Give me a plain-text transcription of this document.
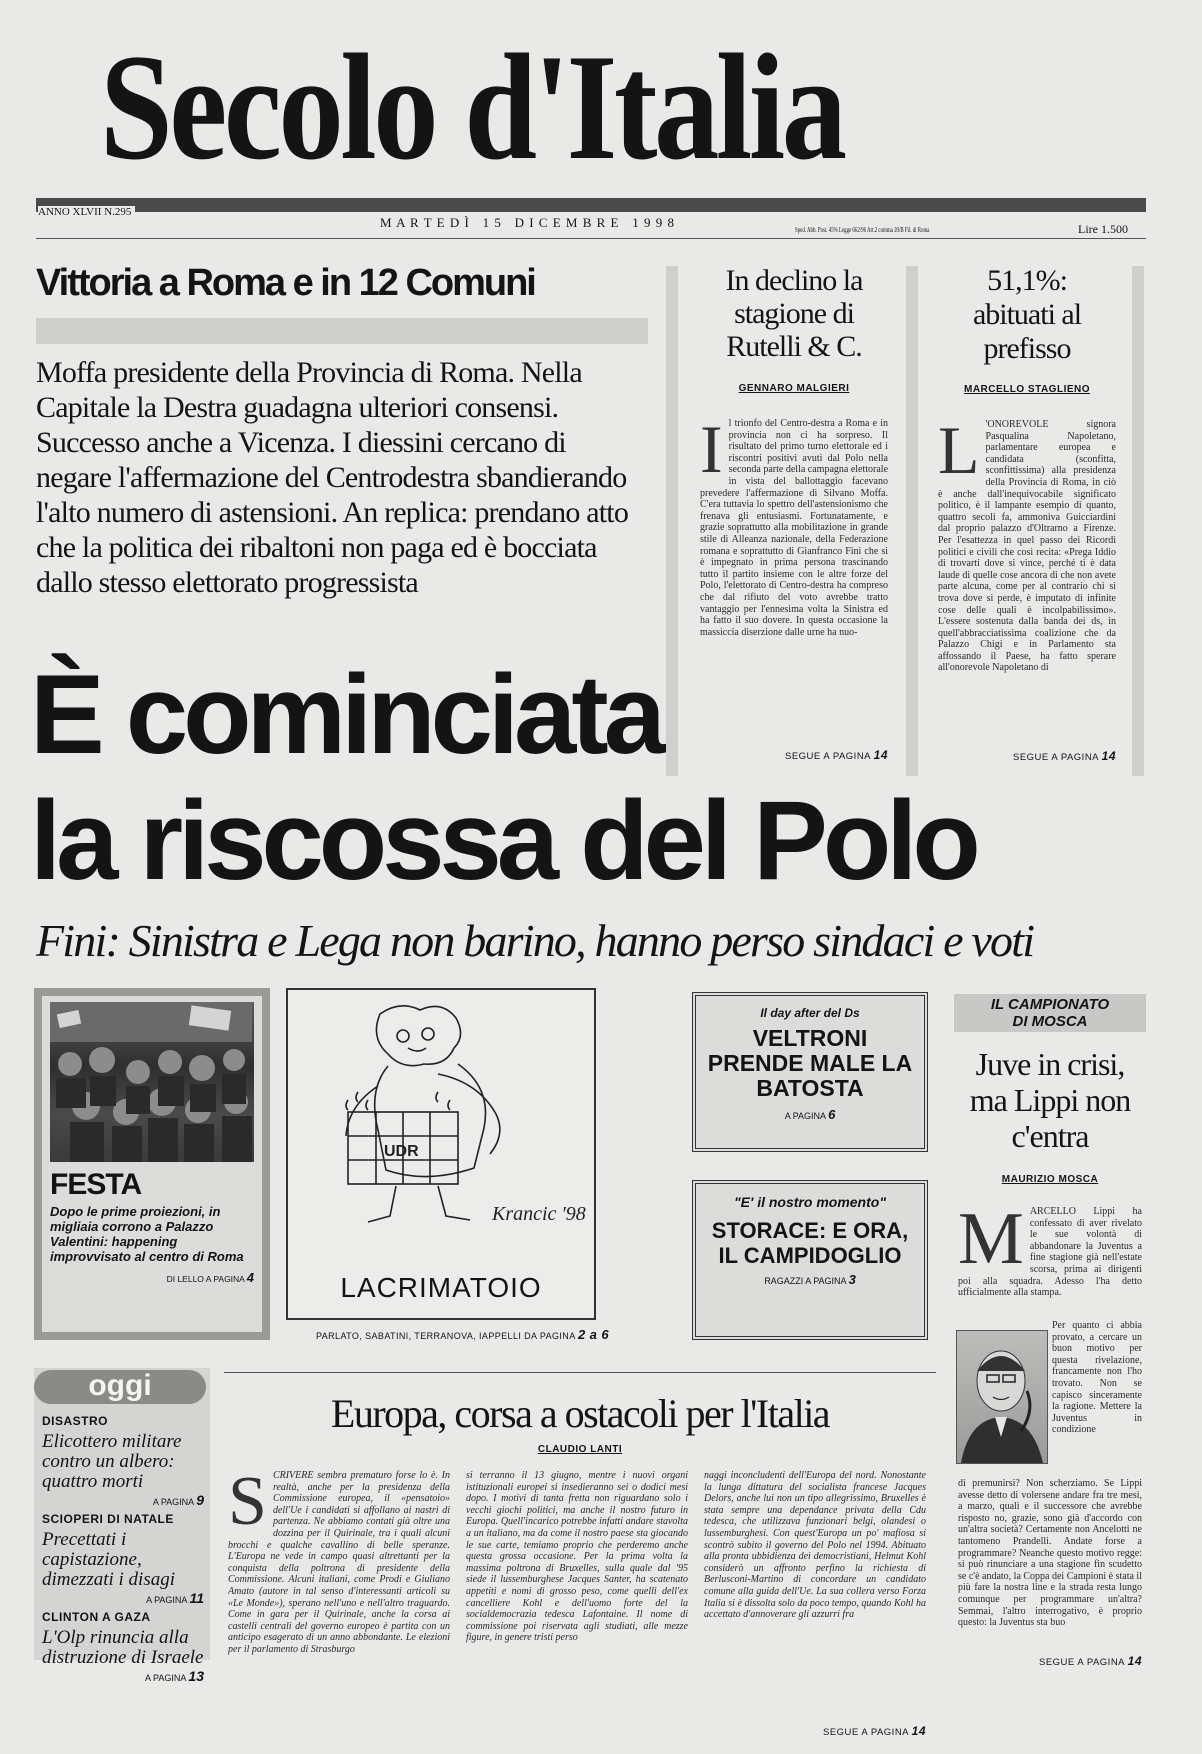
Secolo d'Italia
ANNO XLVII N.295
M A R T E D Ì   1 5   D I C E M B R E   1 9 9 8	Sped. Abb. Post. 45% Legge 662/96 Art.2 comma 20/B Fil. di Roma	Lire 1.500
Vittoria a Roma e in 12 Comuni
Moffa presidente della Provincia di Roma. Nella Capitale la Destra guadagna ulteriori consensi. Successo anche a Vicenza. I diessini cercano di negare l'affermazione del Centrodestra sbandierando l'alto numero di astensioni. An replica: prendano atto che la politica dei ribaltoni non paga ed è bocciata dallo stesso elettorato progressista
È cominciata
la riscossa del Polo
Fini: Sinistra e Lega non barino, hanno perso sindaci e voti
In declino la stagione di Rutelli & C.
GENNARO MALGIERI
I l trionfo del Centro-destra a Roma e in provincia non ci ha sorpreso. Il risultato del primo turno elettorale ed i riscontri positivi avuti dal Polo nella seconda parte della campagna elettorale in vista del ballottaggio facevano prevedere l'affermazione di Silvano Moffa. C'era tuttavia lo spettro dell'astensionismo che frenava gli entusiasmi. Fortunatamente, e grazie soprattutto alla mobilitazione in grande stile di Alleanza nazionale, della Federazione romana e soprattutto di Gianfranco Fini che si è impegnato in prima persona trascinando tutto il partito insieme con le altre forze del Polo, l'elettorato di Centro-destra ha compreso che dal rifiuto del voto avrebbe tratto vantaggio per l'ennesima volta la Sinistra ed ha fatto il suo dovere. In questa occasione la massiccia diserzione dalle urne ha nuo-
SEGUE A PAGINA 14
51,1%: abituati al prefisso
MARCELLO STAGLIENO
L 'ONOREVOLE signora Pasqualina Napoletano, parlamentare europea e candidata (sconfitta, sconfittissima) alla presidenza della Provincia di Roma, in ciò è anche dall'inequivocabile significato politico, è il lampante esempio di quanto, quattro secoli fa, ammoniva Guicciardini dal proprio palazzo d'Oltrarno a Firenze. Per l'esattezza in quel passo dei Ricordi politici e civili che così recita: «Prega Iddio di trovarti dove si vince, perché ti è data laude di quelle cose ancora di che non avete parte alcuna, come per al contrario chi si trova dove si perde, è imputato di infinite cose delle quali è incolpabilissimo». L'essere sostenuta dalla banda dei ds, in quell'abbracciatissima coalizione che da Palazzo Chigi e in Parlamento sta affossando il Paese, ha fatto sperare all'onorevole Napoletano di
SEGUE A PAGINA 14
FESTA
Dopo le prime proiezioni, in migliaia corrono a Palazzo Valentini: happening improvvisato al centro di Roma
DI LELLO A PAGINA 4
UDR
Krancic '98
LACRIMATOIO
PARLATO, SABATINI, TERRANOVA, IAPPELLI DA PAGINA 2 a 6
Il day after del Ds
VELTRONI PRENDE MALE LA BATOSTA
A PAGINA 6
"E' il nostro momento"
STORACE: E ORA, IL CAMPIDOGLIO
RAGAZZI A PAGINA 3
IL CAMPIONATO
DI MOSCA
Juve in crisi, ma Lippi non c'entra
MAURIZIO MOSCA
M ARCELLO Lippi ha confessato di aver rivelato le sue volontà di abbandonare la Juventus a fine stagione già nell'estate scorsa, prima ai dirigenti poi alla squadra. Adesso l'ha detto ufficialmente alla stampa.
Per quanto ci abbia provato, a cercare un buon motivo per questa rivelazione, francamente non l'ho trovato. Non se capisco sinceramente la ragione. Mettere la Juventus in condizione
di premunirsi? Non scherziamo. Se Lippi avesse detto di volersene andare fra tre mesi, a marzo, quali e il successore che avrebbe risposto no, grazie, sono già d'accordo con un'altra società? Certamente non Ancelotti ne tantomeno Prandelli. Andate forse a programmare? Neanche questo motivo regge: si può rinunciare a una stagione fin scudetto se c'è andato, la Coppa dei Campioni è stata il più fare la nostra line e la strada resta lungo comunque per programmare un'altra? Semmai, l'altro interrogativo, è proprio questo: la Juventus sta buo
SEGUE A PAGINA 14
oggi
DISASTRO
Elicottero militare contro un albero: quattro morti
A PAGINA 9
SCIOPERI DI NATALE
Precettati i capistazione, dimezzati i disagi
A PAGINA 11
CLINTON A GAZA
L'Olp rinuncia alla distruzione di Israele
A PAGINA 13
Europa, corsa a ostacoli per l'Italia
CLAUDIO LANTI
S CRIVERE sembra prematuro forse lo è. In realtà, anche per la presidenza della Commissione europea, il «pensatoio» dell'Ue i candidati si affollano ai nastri di partenza. Ne abbiamo contati già oltre una dozzina per il Quirinale, tra i quali alcuni brocchi e qualche cavallino di belle speranze. L'Europa ne vede in campo quasi altrettanti per la conquista della poltrona di presidente della Commissione. Alcuni italiani, come Prodi e Giuliano Amato (autore in tal senso d'interessanti articoli su «Le Monde»), sperano nell'uno e nell'altro traguardo. Come in gara per il Quirinale, anche la corsa ai castelli centrali del governo europeo è partita con un anticipo esagerato di un anno abbondante. Le elezioni per il parlamento di Strasburgo
si terranno il 13 giugno, mentre i nuovi organi istituzionali europei si insedieranno sei o dodici mesi dopo. I motivi di tanta fretta non riguardano solo i vecchi giochi politici, ma anche il nostro futuro in Europa. Quell'incarico potrebbe infatti andare stavolta a un italiano, ma da come il nostro paese sta giocando le sue carte, temiamo proprio che perderemo anche questa grossa occasione. Per la prima volta la massima poltrona di Bruxelles, sulla quale dal '95 siede il lussemburghese Jacques Santer, ha scatenato appetiti e nomi di grosso peso, come quelli dell'ex cancelliere Kohl e dell'uomo forte del la socialdemocrazia tedesca Lafontaine. Il nome di commissione poi riservata agli studiati, alle mezze figure, in genere tristi perso
naggi inconcludenti dell'Europa del nord. Nonostante la lunga dittatura del socialista francese Jacques Delors, anche lui non un tipo allegrissimo, Bruxelles è stata sempre una dependance privata della Cdu tedesca, che utilizzava funzionari belgi, olandesi o lussemburghesi. Con quest'Europa un po' mafiosa si scontrò subito il governo del Polo nel 1994. Abituato alla pronta ubbidienza dei democristiani, Helmut Kohl considerò un affronto perfino la richiesta di Berlusconi-Martino di concordare un candidato comune alla guida dell'Ue. La sua collera verso Forza Italia si è dissolta solo da poco tempo, quando Kohl ha accettato d'annoverare gli azzurri fra
SEGUE A PAGINA 14
